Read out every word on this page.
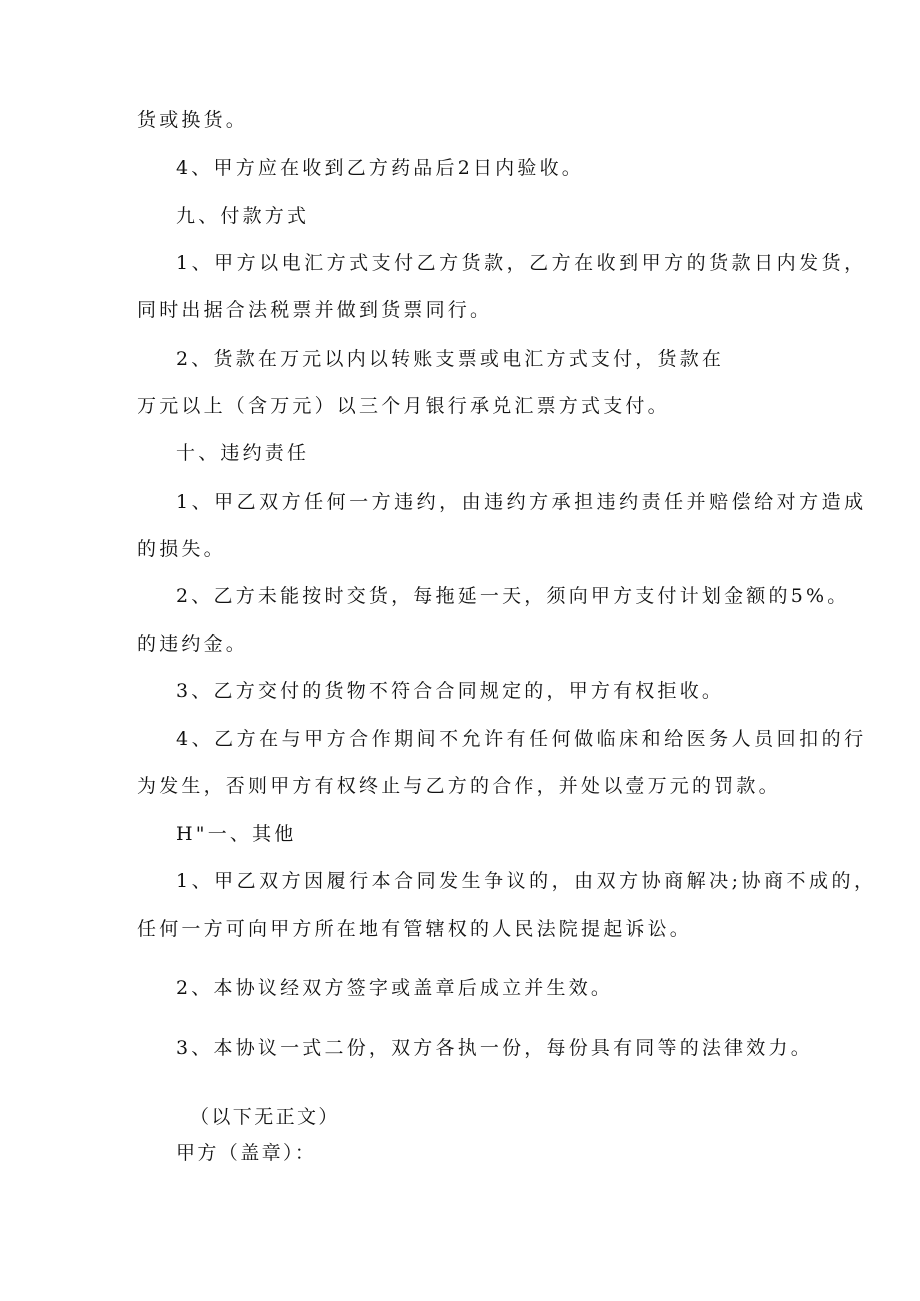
货或换货。
4、甲方应在收到乙方药品后2日内验收。
九、付款方式
1、甲方以电汇方式支付乙方货款，乙方在收到甲方的货款日内发货，
同时出据合法税票并做到货票同行。
2、货款在万元以内以转账支票或电汇方式支付，货款在
万元以上（含万元）以三个月银行承兑汇票方式支付。
十、违约责任
1、甲乙双方任何一方违约，由违约方承担违约责任并赔偿给对方造成
的损失。
2、乙方未能按时交货，每拖延一天，须向甲方支付计划金额的5%。
的违约金。
3、乙方交付的货物不符合合同规定的，甲方有权拒收。
4、乙方在与甲方合作期间不允许有任何做临床和给医务人员回扣的行
为发生，否则甲方有权终止与乙方的合作，并处以壹万元的罚款。
H"一、其他
1、甲乙双方因履行本合同发生争议的，由双方协商解决;协商不成的，
任何一方可向甲方所在地有管辖权的人民法院提起诉讼。
2、本协议经双方签字或盖章后成立并生效。
3、本协议一式二份，双方各执一份，每份具有同等的法律效力。
（以下无正文）
甲方（盖章）：
